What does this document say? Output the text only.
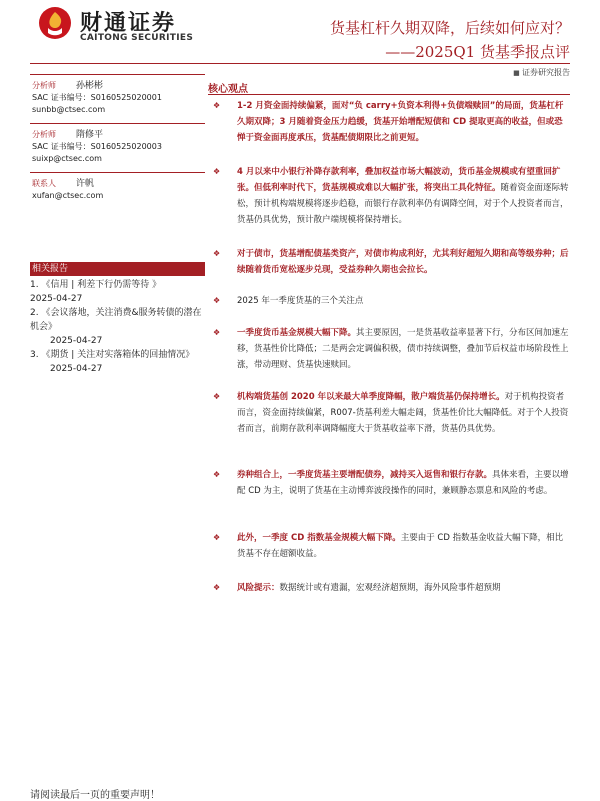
财通证券
CAITONG SECURITIES
货基杠杆久期双降，后续如何应对？
——2025Q1 货基季报点评
■ 证券研究报告
分析师 孙彬彬
SAC 证书编号：S0160525020001
sunbb@ctsec.com
分析师 隋修平
SAC 证书编号：S0160525020003
suixp@ctsec.com
联系人 许帆
xufan@ctsec.com
相关报告
1. 《信用 | 利差下行仍需等待 》
2025-04-27
2. 《会议落地，关注消费&服务转债的潜在机会》
2025-04-27
3. 《期货 | 关注对实落箱体的回抽情况》
2025-04-27
核心观点
❖ 1-2 月资金面持续偏紧，面对“负 carry+负资本利得+负债端赎回”的局面，货基杠杆久期双降；3 月随着资金压力趋缓，货基开始增配短债和 CD 提取更高的收益，但或恐惮于资金面再度承压，货基配债期限比之前更短。
❖ 4 月以来中小银行补降存款利率，叠加权益市场大幅波动，货币基金规模或有望重回扩张。但低利率时代下，货基规模或难以大幅扩张，将突出工具化特征。随着资金面逐际转松，预计机构端规模将逐步趋稳，而银行存款利率仍有调降空间，对于个人投资者而言，货基仍具优势，预计散户端规模将保持增长。
❖ 对于债市，货基增配债基类资产，对债市构成利好，尤其利好超短久期和高等级券种；后续随着货币宽松逐步兑现，受益券种久期也会拉长。
❖ 2025 年一季度货基的三个关注点
❖ 一季度货币基金规模大幅下降。其主要原因，一是货基收益率显著下行，分布区间加速左移，货基性价比降低；二是两会定调偏积极，债市持续调整，叠加节后权益市场阶段性上涨，带动理财、货基快速赎回。
❖ 机构端货基创 2020 年以来最大单季度降幅，散户端货基仍保持增长。对于机构投资者而言，资金面持续偏紧，R007-货基利差大幅走阔，货基性价比大幅降低。对于个人投资者而言，前期存款利率调降幅度大于货基收益率下滑，货基仍具优势。
❖ 券种组合上，一季度货基主要增配债券，减持买入返售和银行存款。具体来看，主要以增配 CD 为主，说明了货基在主动博弈波段操作的同时，兼顾静态票息和风险的考虑。
❖ 此外，一季度 CD 指数基金规模大幅下降。主要由于 CD 指数基金收益大幅下降，相比货基不存在超额收益。
❖ 风险提示：数据统计或有遗漏，宏观经济超预期，海外风险事件超预期
请阅读最后一页的重要声明！
